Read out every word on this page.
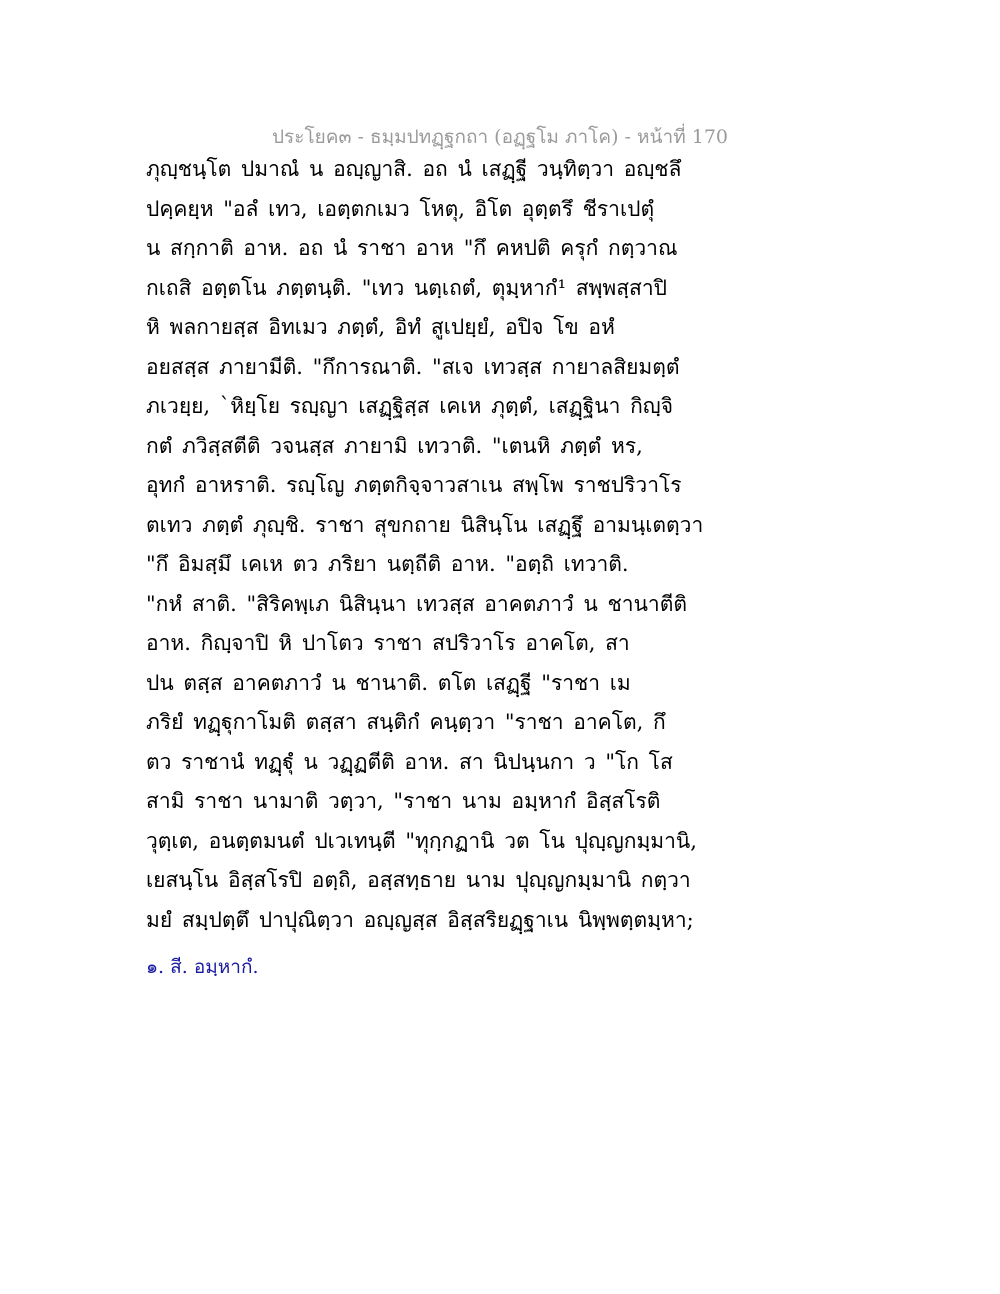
ประโยค๓ - ธมฺมปทฏฺฐกถา (อฏฺฐโม ภาโค) - หน้าที่ 170
ภุญฺชนฺโต ปมาณํ น อญฺญาสิ. อถ นํ เสฏฺฐี วนฺทิตฺวา อญฺชลึ
ปคฺคยฺห "อลํ เทว, เอตฺตกเมว โหตุ, อิโต อุตฺตรึ ชีราเปตุํ
น สกฺกาติ อาห. อถ นํ ราชา อาห "กึ คหปติ ครุกํ กตฺวาณ
กเถสิ อตฺตโน ภตฺตนฺติ. "เทว นตฺเถตํ, ตุมฺหากํ¹ สพฺพสฺสาปิ
หิ พลกายสฺส อิทเมว ภตฺตํ, อิทํ สูเปยฺยํ, อปิจ โข อหํ
อยสสฺส ภายามีติ. "กึการณาติ. "สเจ เทวสฺส กายาลสิยมตฺตํ
ภเวยฺย, `หิยฺโย รญฺญา เสฏฺฐิสฺส เคเห ภุตฺตํ, เสฏฺฐินา กิญฺจิ
กตํ ภวิสฺสตีติ วจนสฺส ภายามิ เทวาติ. "เตนหิ ภตฺตํ หร,
อุทกํ อาหราติ. รญฺโญ ภตฺตกิจฺจาวสาเน สพฺโพ ราชปริวาโร
ตเทว ภตฺตํ ภุญฺชิ. ราชา สุขกถาย นิสินฺโน เสฏฺฐึ อามนฺเตตฺวา
"กึ อิมสฺมึ เคเห ตว ภริยา นตฺถีติ อาห. "อตฺถิ เทวาติ.
"กหํ สาติ. "สิริคพฺเภ นิสินฺนา เทวสฺส อาคตภาวํ น ชานาตีติ
อาห. กิญฺจาปิ หิ ปาโตว ราชา สปริวาโร อาคโต, สา
ปน ตสฺส อาคตภาวํ น ชานาติ. ตโต เสฏฺฐี "ราชา เม
ภริยํ ทฏฺฐุกาโมติ ตสฺสา สนฺติกํ คนฺตฺวา "ราชา อาคโต, กึ
ตว ราชานํ ทฏฺฐุํ น วฏฺฏตีติ อาห. สา นิปนฺนกา ว "โก โส
สามิ ราชา นามาติ วตฺวา, "ราชา นาม อมฺหากํ อิสฺสโรติ
วุตฺเต, อนตฺตมนตํ ปเวเทนฺตี "ทุกฺกฏานิ วต โน ปุญฺญกมฺมานิ,
เยสนฺโน อิสฺสโรปิ อตฺถิ, อสฺสทฺธาย นาม ปุญฺญกมฺมานิ กตฺวา
มยํ สมฺปตฺตึ ปาปุณิตฺวา อญฺญสฺส อิสฺสริยฏฺฐาเน นิพฺพตฺตมฺหา;
๑. สี. อมฺหากํ.
